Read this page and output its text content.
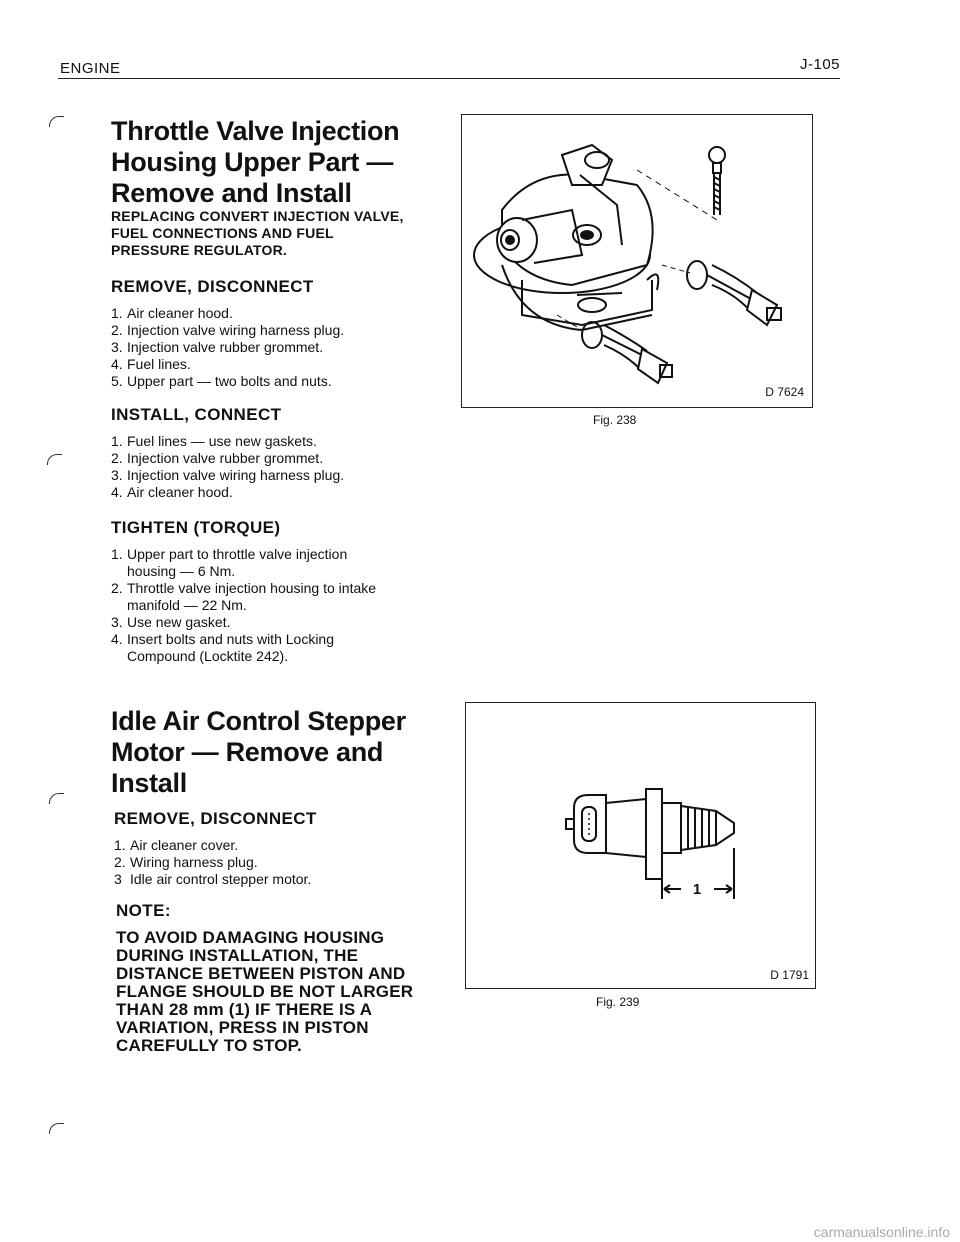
ENGINE	J-105
Throttle Valve Injection
Housing Upper Part —
Remove and Install
REPLACING CONVERT INJECTION VALVE,
FUEL CONNECTIONS AND FUEL
PRESSURE REGULATOR.
REMOVE, DISCONNECT
1. Air cleaner hood.
2. Injection valve wiring harness plug.
3. Injection valve rubber grommet.
4. Fuel lines.
5. Upper part — two bolts and nuts.
INSTALL, CONNECT
1. Fuel lines — use new gaskets.
2. Injection valve rubber grommet.
3. Injection valve wiring harness plug.
4. Air cleaner hood.
TIGHTEN (TORQUE)
1. Upper part to throttle valve injection
housing — 6 Nm.
2. Throttle valve injection housing to intake
manifold — 22 Nm.
3. Use new gasket.
4. Insert bolts and nuts with Locking
Compound (Locktite 242).
Idle Air Control Stepper
Motor — Remove and
Install
REMOVE, DISCONNECT
1. Air cleaner cover.
2. Wiring harness plug.
3 Idle air control stepper motor.
NOTE:
TO AVOID DAMAGING HOUSING
DURING INSTALLATION, THE
DISTANCE BETWEEN PISTON AND
FLANGE SHOULD BE NOT LARGER
THAN 28 mm (1) IF THERE IS A
VARIATION, PRESS IN PISTON
CAREFULLY TO STOP.
D 7624
Fig. 238
1
D 1791
Fig. 239
carmanualsonline.info
